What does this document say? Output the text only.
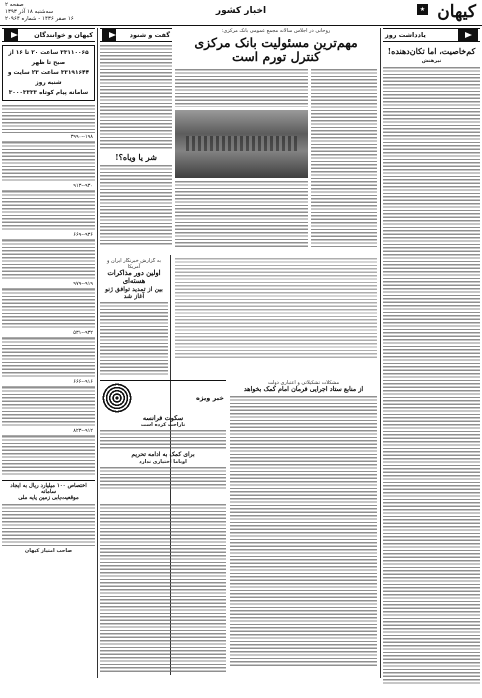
کیهان
★
اخبار کشور
صفحه ۲
سه‌شنبه ۱۸ آذر ۱۳۹۳
۱۶ صفر ۱۴۳۶ - شماره ۲۰۹۶۴
یادداشت روز
کم‌خاصیت، اما تکان‌دهنده!
نیرهنش
روحانی در اجلاس سالانه مجمع عمومی بانک مرکزی:
مهم‌ترین مسئولیت بانک مرکزی
کنترل تورم است
گفت و شنود
شر یا ویاه؟!
به گزارش خبرنگار ایران و آمریکا
اولین دور مذاکرات هسته‌ای
بین از تمدید توافق ژنو آغاز شد
خبر ویژه
سکوت فرانسه
ناراحت کرده است
برای کمک به ادامه تحریم
اوباما اختیاری ندارد
مشکلات تشکیلاتی و اعتباری دولت
از منابع ستاد اجرایی فرمان امام کمک بخواهد
کیهان و خوانندگان
۳۳۱۱۰۰۶۵ ساعت ۲۰ تا ۱۶ از صبح تا ظهر
۳۳۱۹۱۶۴۴ ساعت ۲۳ سایت و شنبه روز
سامانه پیام کوتاه ۳۰۰۰۳۳۳۳
۱۹۸--۳۹۹۰
۹۳۰--۹۱۳
۹۳۶--۶۶۹
۹۱۹--۹۷۹
۹۳۲--۵۳۱
۹۱۶--۶۶۶
۹۱۲--۸۲۳
اختصاص ۱۰۰ میلیارد ریال به ایجاد سامانه
موقعیت‌یابی زمین پایه ملی
صاحب امتیاز کیهان
